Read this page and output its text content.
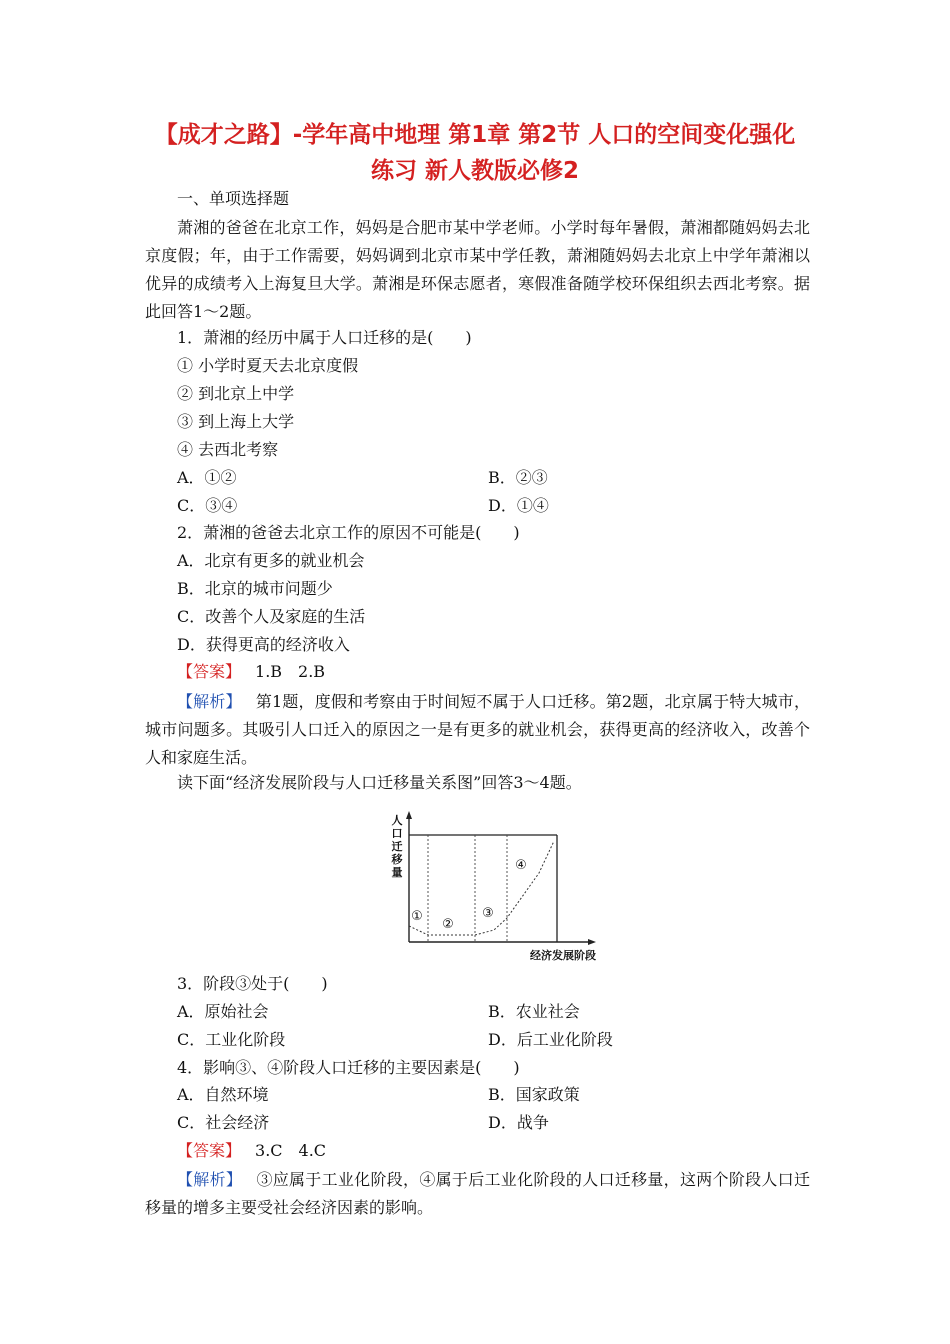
【成才之路】-学年高中地理 第1章 第2节 人口的空间变化强化
练习 新人教版必修2
一、单项选择题
萧湘的爸爸在北京工作，妈妈是合肥市某中学老师。小学时每年暑假，萧湘都随妈妈去北京度假；年，由于工作需要，妈妈调到北京市某中学任教，萧湘随妈妈去北京上中学年萧湘以优异的成绩考入上海复旦大学。萧湘是环保志愿者，寒假准备随学校环保组织去西北考察。据此回答1～2题。
1．萧湘的经历中属于人口迁移的是(　　)
① 小学时夏天去北京度假
② 到北京上中学
③ 到上海上大学
④ 去西北考察
A．①②	B．②③
C．③④	D．①④
2．萧湘的爸爸去北京工作的原因不可能是(　　)
A．北京有更多的就业机会
B．北京的城市问题少
C．改善个人及家庭的生活
D．获得更高的经济收入
【答案】 1.B　2.B
【解析】 第1题，度假和考察由于时间短不属于人口迁移。第2题，北京属于特大城市，城市问题多。其吸引人口迁入的原因之一是有更多的就业机会，获得更高的经济收入，改善个人和家庭生活。
读下面“经济发展阶段与人口迁移量关系图”回答3～4题。
①
②
③
④
经济发展阶段
人口迁移量
3．阶段③处于(　　)
A．原始社会	B．农业社会
C．工业化阶段	D．后工业化阶段
4．影响③、④阶段人口迁移的主要因素是(　　)
A．自然环境	B．国家政策
C．社会经济	D．战争
【答案】 3.C　4.C
【解析】 ③应属于工业化阶段，④属于后工业化阶段的人口迁移量，这两个阶段人口迁移量的增多主要受社会经济因素的影响。
